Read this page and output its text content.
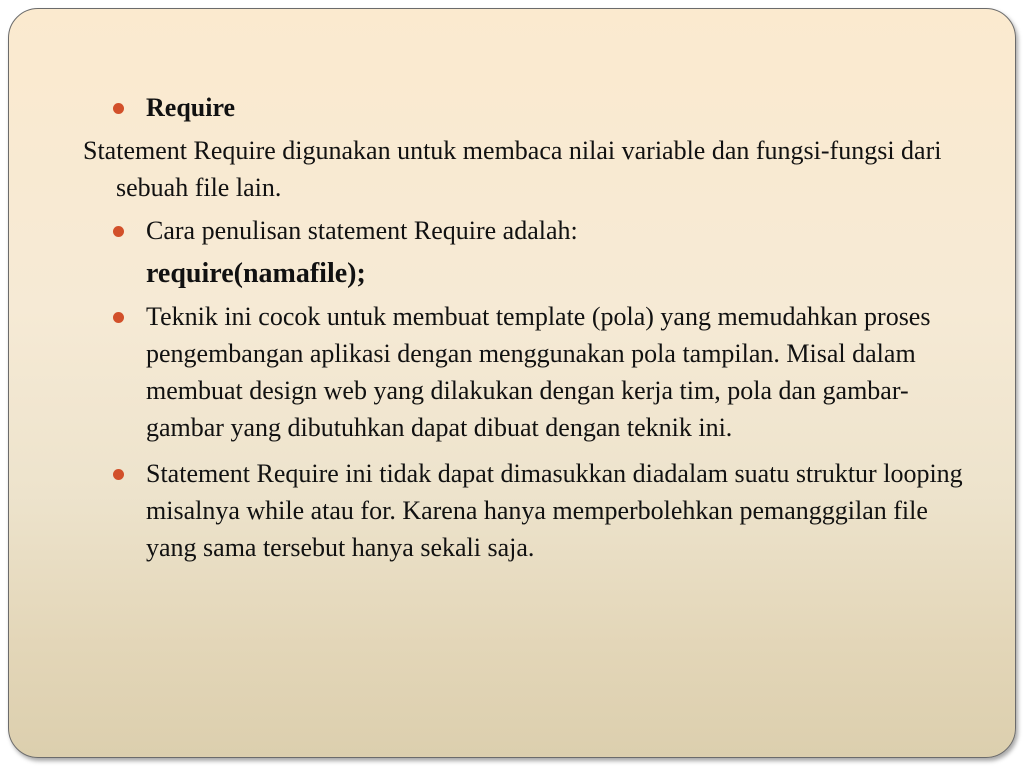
Require

Statement Require digunakan untuk membaca nilai variable dan fungsi-fungsi dari sebuah file lain.

Cara penulisan statement Require adalah:

require(namafile);

Teknik ini cocok untuk membuat template (pola) yang memudahkan proses pengembangan aplikasi dengan menggunakan pola tampilan. Misal dalam membuat design web yang dilakukan dengan kerja tim, pola dan gambar-gambar yang dibutuhkan dapat dibuat dengan teknik ini.

Statement Require ini tidak dapat dimasukkan diadalam suatu struktur looping misalnya while atau for. Karena hanya memperbolehkan pemangggilan file yang sama tersebut hanya sekali saja.
